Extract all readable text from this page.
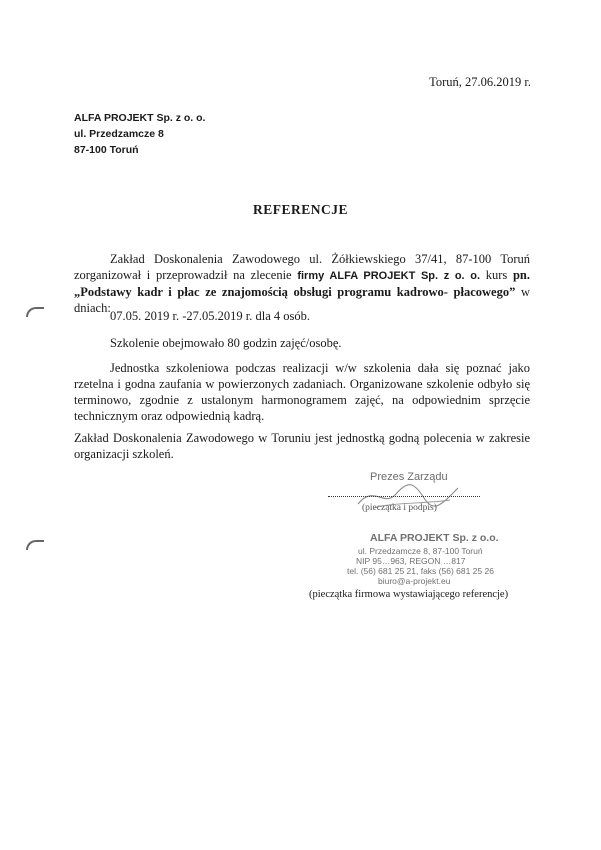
Toruń, 27.06.2019 r.
ALFA PROJEKT Sp. z o. o.
ul. Przedzamcze 8
87-100 Toruń
REFERENCJE

Zakład Doskonalenia Zawodowego ul. Żółkiewskiego 37/41, 87-100 Toruń zorganizował i przeprowadził na zlecenie firmy ALFA PROJEKT Sp. z o. o. kurs pn. „Podstawy kadr i płac ze znajomością obsługi programu kadrowo- płacowego” w dniach:

07.05. 2019 r. -27.05.2019 r. dla 4 osób.
Szkolenie obejmowało 80 godzin zajęć/osobę.

Jednostka szkoleniowa podczas realizacji w/w szkolenia dała się poznać jako rzetelna i godna zaufania w powierzonych zadaniach. Organizowane szkolenie odbyło się terminowo, zgodnie z ustalonym harmonogramem zajęć, na odpowiednim sprzęcie technicznym oraz odpowiednią kadrą.

Zakład Doskonalenia Zawodowego w Toruniu jest jednostką godną polecenia w zakresie organizacji szkoleń.

Prezes Zarządu
(pieczątka i podpis)
ALFA PROJEKT Sp. z o.o.
ul. Przedzamcze 8, 87-100 Toruń
NIP 95…963, REGON …817
tel. (56) 681 25 21, faks (56) 681 25 26
biuro@a-projekt.eu
(pieczątka firmowa wystawiającego referencje)
